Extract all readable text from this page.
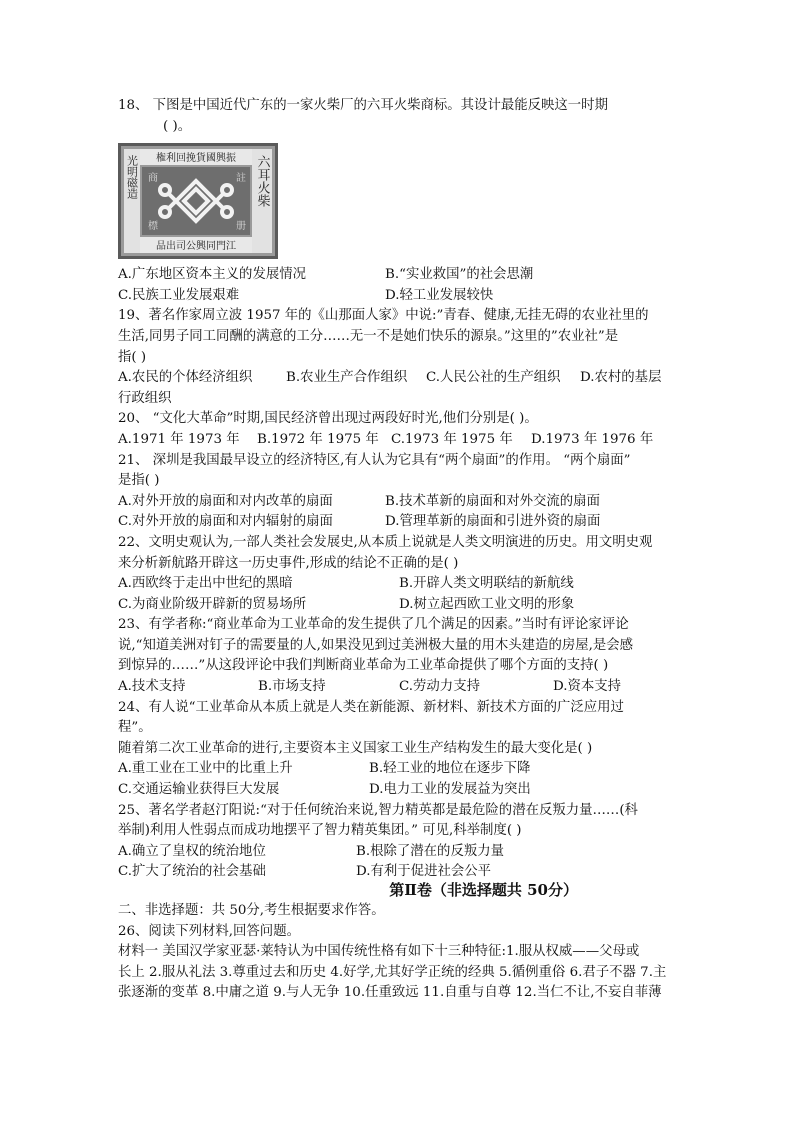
18、 下图是中国近代广东的一家火柴厂的六耳火柴商标。其设计最能反映这一时期
( )。
権利回挽貨國興振
品出司公興同門江
光明磁造	六耳火柴
商	註
標	册
A.广东地区资本主义的发展情况	B.“实业救国”的社会思潮
C.民族工业发展艰难	D.轻工业发展较快
19、著名作家周立波 1957 年的《山那面人家》中说:”青春、健康,无挂无碍的农业社里的
生活,同男子同工同酬的满意的工分……无一不是她们快乐的源泉。”这里的”农业社”是
指( )
A.农民的个体经济组织	B.农业生产合作组织	C.人民公社的生产组织	D.农村的基层
行政组织
20、 “文化大革命”时期,国民经济曾出现过两段好时光,他们分别是( )。
A.1971 年 1973 年	B.1972 年 1975 年 C.1973 年 1975 年	D.1973 年 1976 年
21、 深圳是我国最早设立的经济特区,有人认为它具有“两个扇面”的作用。 “两个扇面”
是指( )
A.对外开放的扇面和对内改革的扇面	B.技术革新的扇面和对外交流的扇面
C.对外开放的扇面和对内辐射的扇面	D.管理革新的扇面和引进外资的扇面
22、文明史观认为,一部人类社会发展史,从本质上说就是人类文明演进的历史。用文明史观
来分析新航路开辟这一历史事件,形成的结论不正确的是( )
A.西欧终于走出中世纪的黑暗	B.开辟人类文明联结的新航线
C.为商业阶级开辟新的贸易场所	D.树立起西欧工业文明的形象
23、有学者称:“商业革命为工业革命的发生提供了几个满足的因素。”当时有评论家评论
说,“知道美洲对钉子的需要量的人,如果没见到过美洲极大量的用木头建造的房屋,是会感
到惊异的……”从这段评论中我们判断商业革命为工业革命提供了哪个方面的支持( )
A.技术支持	B.市场支持	C.劳动力支持	D.资本支持
24、有人说“工业革命从本质上就是人类在新能源、新材料、新技术方面的广泛应用过
程”。
随着第二次工业革命的进行,主要资本主义国家工业生产结构发生的最大变化是( )
A.重工业在工业中的比重上升	B.轻工业的地位在逐步下降
C.交通运输业获得巨大发展	D.电力工业的发展益为突出
25、著名学者赵汀阳说:“对于任何统治来说,智力精英都是最危险的潜在反叛力量……(科
举制)利用人性弱点而成功地摆平了智力精英集团。” 可见,科举制度( )
A.确立了皇权的统治地位	B.根除了潜在的反叛力量
C.扩大了统治的社会基础	D.有利于促进社会公平
第Ⅱ卷（非选择题共 50分）
二、非选择题：共 50分,考生根据要求作答。
26、阅读下列材料,回答问题。
材料一 美国汉学家亚瑟·莱特认为中国传统性格有如下十三种特征:1.服从权威——父母或
长上 2.服从礼法 3.尊重过去和历史 4.好学,尤其好学正统的经典 5.循例重俗 6.君子不器 7.主
张逐渐的变革 8.中庸之道 9.与人无争 10.任重致远 11.自重与自尊 12.当仁不让,不妄自菲薄
